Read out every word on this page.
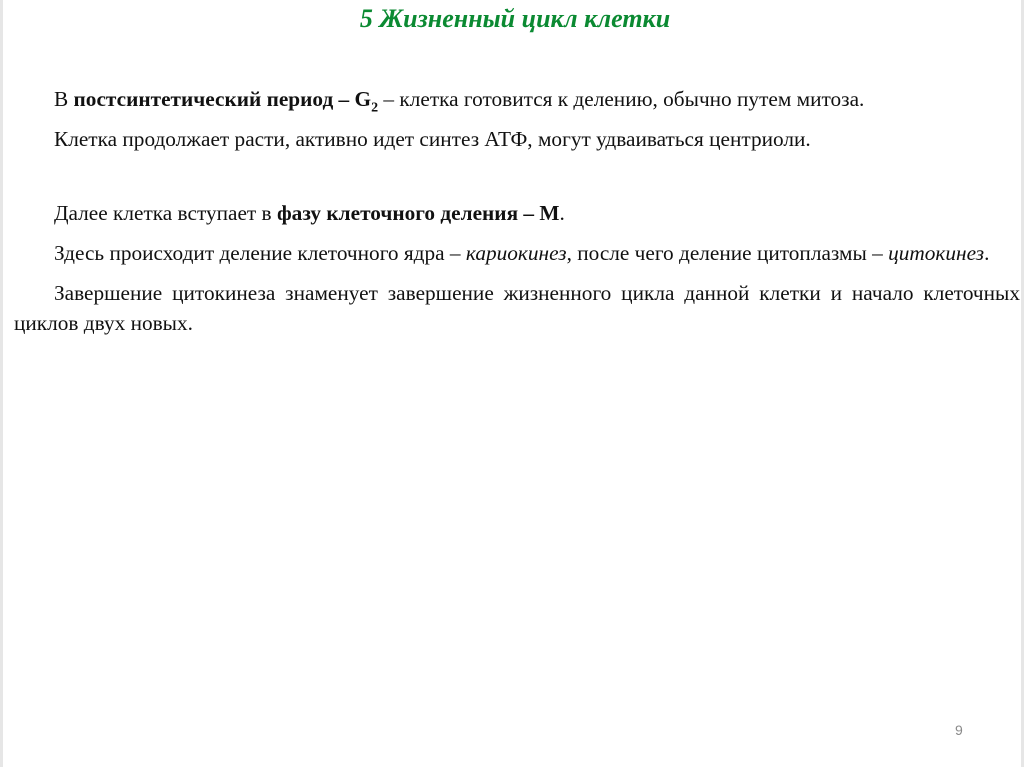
5 Жизненный цикл клетки

В постсинтетический период – $G_2$ – клетка готовится к делению, обычно путем митоза.

Клетка продолжает расти, активно идет синтез АТФ, могут удваиваться центриоли.

Далее клетка вступает в фазу клеточного деления – М.

Здесь происходит деление клеточного ядра – кариокинез, после чего деление цитоплазмы – цитокинез.

Завершение цитокинеза знаменует завершение жизненного цикла данной клетки и начало клеточных циклов двух новых.

9
